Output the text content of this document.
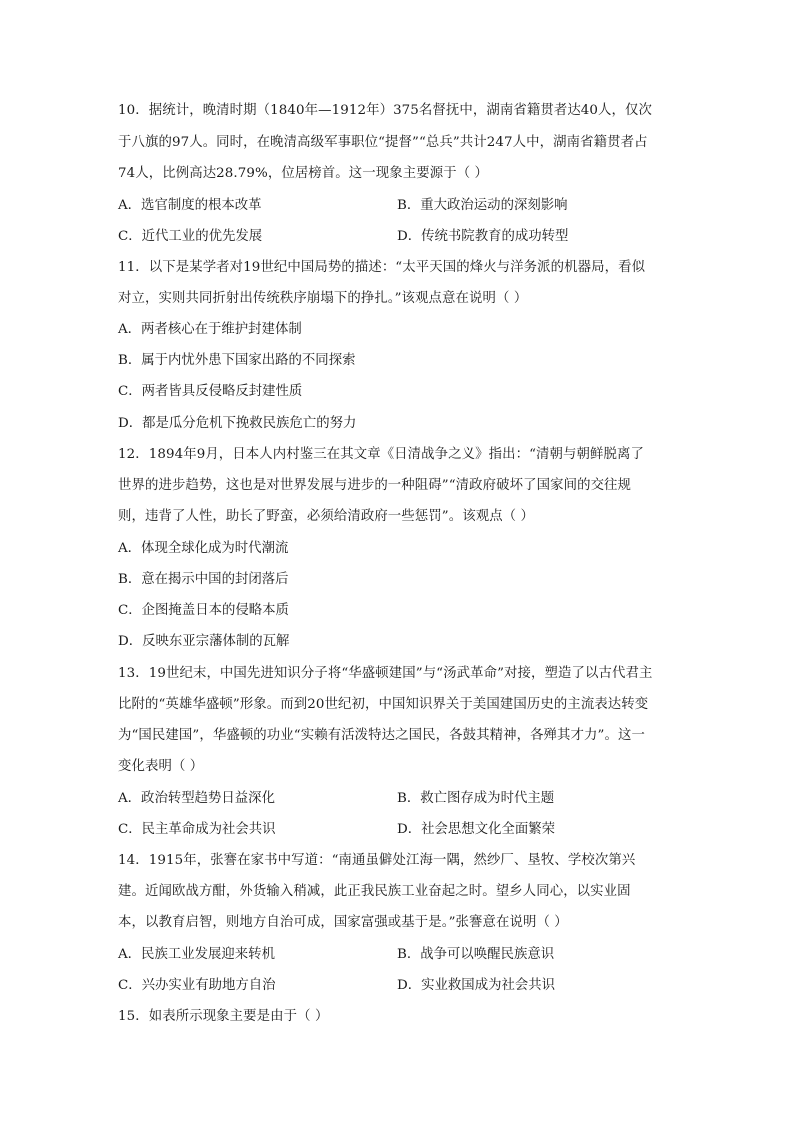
10．据统计，晚清时期（1840年—1912年）375名督抚中，湖南省籍贯者达40人，仅次
于八旗的97人。同时，在晚清高级军事职位“提督”“总兵”共计247人中，湖南省籍贯者占
74人，比例高达28.79%，位居榜首。这一现象主要源于（ ）
A．选官制度的根本改革	B．重大政治运动的深刻影响
C．近代工业的优先发展	D．传统书院教育的成功转型
11．以下是某学者对19世纪中国局势的描述：“太平天国的烽火与洋务派的机器局，看似
对立，实则共同折射出传统秩序崩塌下的挣扎。”该观点意在说明（ ）
A．两者核心在于维护封建体制
B．属于内忧外患下国家出路的不同探索
C．两者皆具反侵略反封建性质
D．都是瓜分危机下挽救民族危亡的努力
12．1894年9月，日本人内村鉴三在其文章《日清战争之义》指出：“清朝与朝鲜脱离了
世界的进步趋势，这也是对世界发展与进步的一种阻碍”“清政府破坏了国家间的交往规
则，违背了人性，助长了野蛮，必须给清政府一些惩罚”。该观点（ ）
A．体现全球化成为时代潮流
B．意在揭示中国的封闭落后
C．企图掩盖日本的侵略本质
D．反映东亚宗藩体制的瓦解
13．19世纪末，中国先进知识分子将“华盛顿建国”与“汤武革命”对接，塑造了以古代君主
比附的“英雄华盛顿”形象。而到20世纪初，中国知识界关于美国建国历史的主流表达转变
为“国民建国”，华盛顿的功业“实赖有活泼特达之国民，各鼓其精神，各殚其才力”。这一
变化表明（ ）
A．政治转型趋势日益深化	B．救亡图存成为时代主题
C．民主革命成为社会共识	D．社会思想文化全面繁荣
14．1915年，张謇在家书中写道：“南通虽僻处江海一隅，然纱厂、垦牧、学校次第兴
建。近闻欧战方酣，外货输入稍减，此正我民族工业奋起之时。望乡人同心，以实业固
本，以教育启智，则地方自治可成，国家富强或基于是。”张謇意在说明（ ）
A．民族工业发展迎来转机	B．战争可以唤醒民族意识
C．兴办实业有助地方自治	D．实业救国成为社会共识
15．如表所示现象主要是由于（ ）
